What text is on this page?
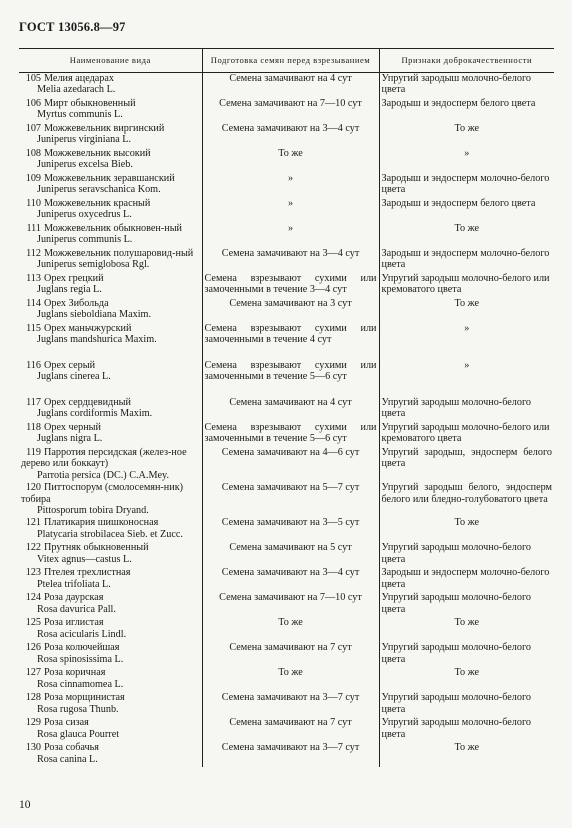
ГОСТ 13056.8—97
Наименование вида	Подготовка семян перед взрезыванием	Признаки доброкачественности

105 Мелия ацедарах
Melia azedarach L.	Семена замачивают на 4 сут	Упругий зародыш молочно-белого цвета

106 Мирт обыкновенный
Myrtus communis L.	Семена замачивают на 7—10 сут	Зародыш и эндосперм белого цвета

107 Можжевельник виргинский
Juniperus virginiana L.	Семена замачивают на 3—4 сут	То же

108 Можжевельник высокий
Juniperus excelsa Bieb.	То же	»

109 Можжевельник зеравшанский
Juniperus seravschanica Kom.	»	Зародыш и эндосперм молочно-белого цвета

110 Можжевельник красный
Juniperus oxycedrus L.	»	Зародыш и эндосперм белого цвета

111 Можжевельник обыкновен-ный
Juniperus communis L.	»	То же

112 Можжевельник полушаровид-ный
Juniperus semiglobosa Rgl.	Семена замачивают на 3—4 сут	Зародыш и эндосперм молочно-белого цвета

113 Орех грецкий
Juglans regia L.	Семена взрезывают сухими или замоченными в течение 3—4 сут	Упругий зародыш молочно-белого или кремоватого цвета

114 Орех Зибольда
Juglans sieboldiana Maxim.	Семена замачивают на 3 сут	То же

115 Орех маньчжурский
Juglans mandshurica Maxim.	Семена взрезывают сухими или замоченными в течение 4 сут	»

116 Орех серый
Juglans cinerea L.	Семена взрезывают сухими или замоченными в течение 5—6 сут	»

117 Орех сердцевидный
Juglans cordiformis Maxim.	Семена замачивают на 4 сут	Упругий зародыш молочно-белого цвета

118 Орех черный
Juglans nigra L.	Семена взрезывают сухими или замоченными в течение 5—6 сут	Упругий зародыш молочно-белого или кремоватого цвета

119 Парротия персидская (желез-ное дерево или боккаут)
Parrotia persica (DC.) C.A.Mey.	Семена замачивают на 4—6 сут	Упругий зародыш, эндосперм белого цвета

120 Питтоспорум (смолосемян-ник) тобира
Pittosporum tobira Dryand.	Семена замачивают на 5—7 сут	Упругий зародыш белого, эндосперм белого или бледно-голубоватого цвета

121 Платикария шишконосная
Platycaria strobilacea Sieb. et Zucc.	Семена замачивают на 3—5 сут	То же

122 Прутняк обыкновенный
Vitex agnus—castus L.	Семена замачивают на 5 сут	Упругий зародыш молочно-белого цвета

123 Птелея трехлистная
Ptelea trifoliata L.	Семена замачивают на 3—4 сут	Зародыш и эндосперм молочно-белого цвета

124 Роза даурская
Rosa davurica Pall.	Семена замачивают на 7—10 сут	Упругий зародыш молочно-белого цвета

125 Роза иглистая
Rosa acicularis Lindl.	То же	То же

126 Роза колючейшая
Rosa spinosissima L.	Семена замачивают на 7 сут	Упругий зародыш молочно-белого цвета

127 Роза коричная
Rosa cinnamomea L.	То же	То же

128 Роза морщинистая
Rosa rugosa Thunb.	Семена замачивают на 3—7 сут	Упругий зародыш молочно-белого цвета

129 Роза сизая
Rosa glauca Pourret	Семена замачивают на 7 сут	Упругий зародыш молочно-белого цвета

130 Роза собачья
Rosa canina L.	Семена замачивают на 3—7 сут	То же
10
